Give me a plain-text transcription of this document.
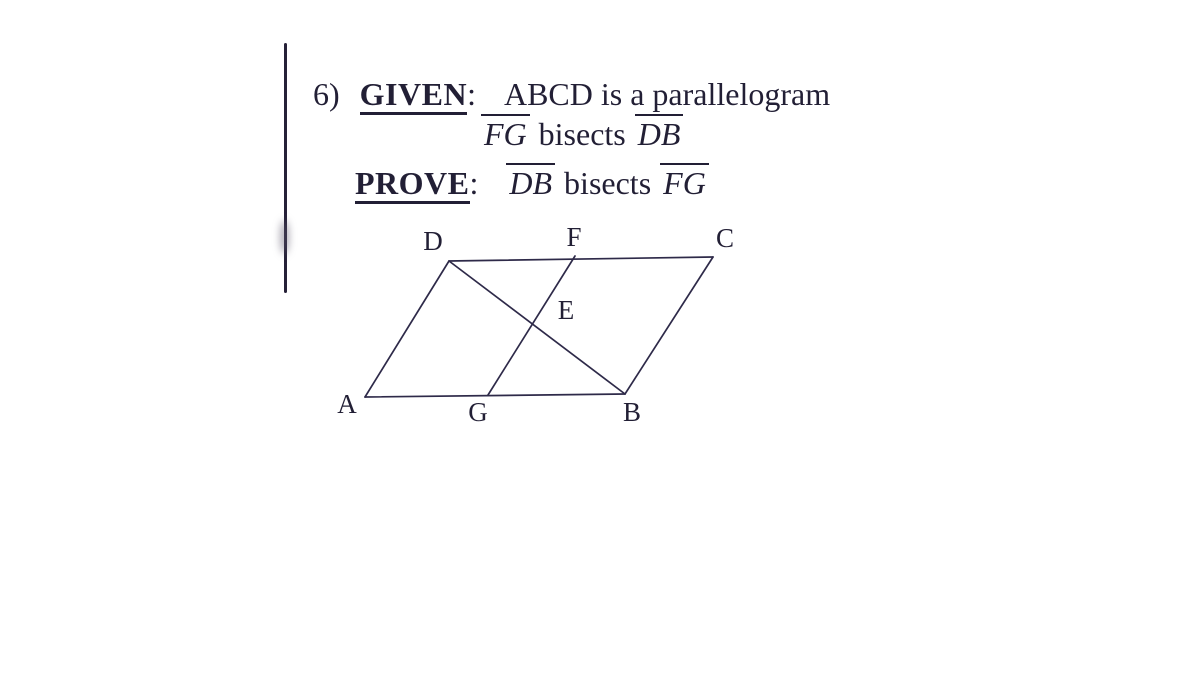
6) GIVEN: ABCD is a parallelogram
FG bisects DB
PROVE: DB bisects FG
A	B
C
D
E
F
G
